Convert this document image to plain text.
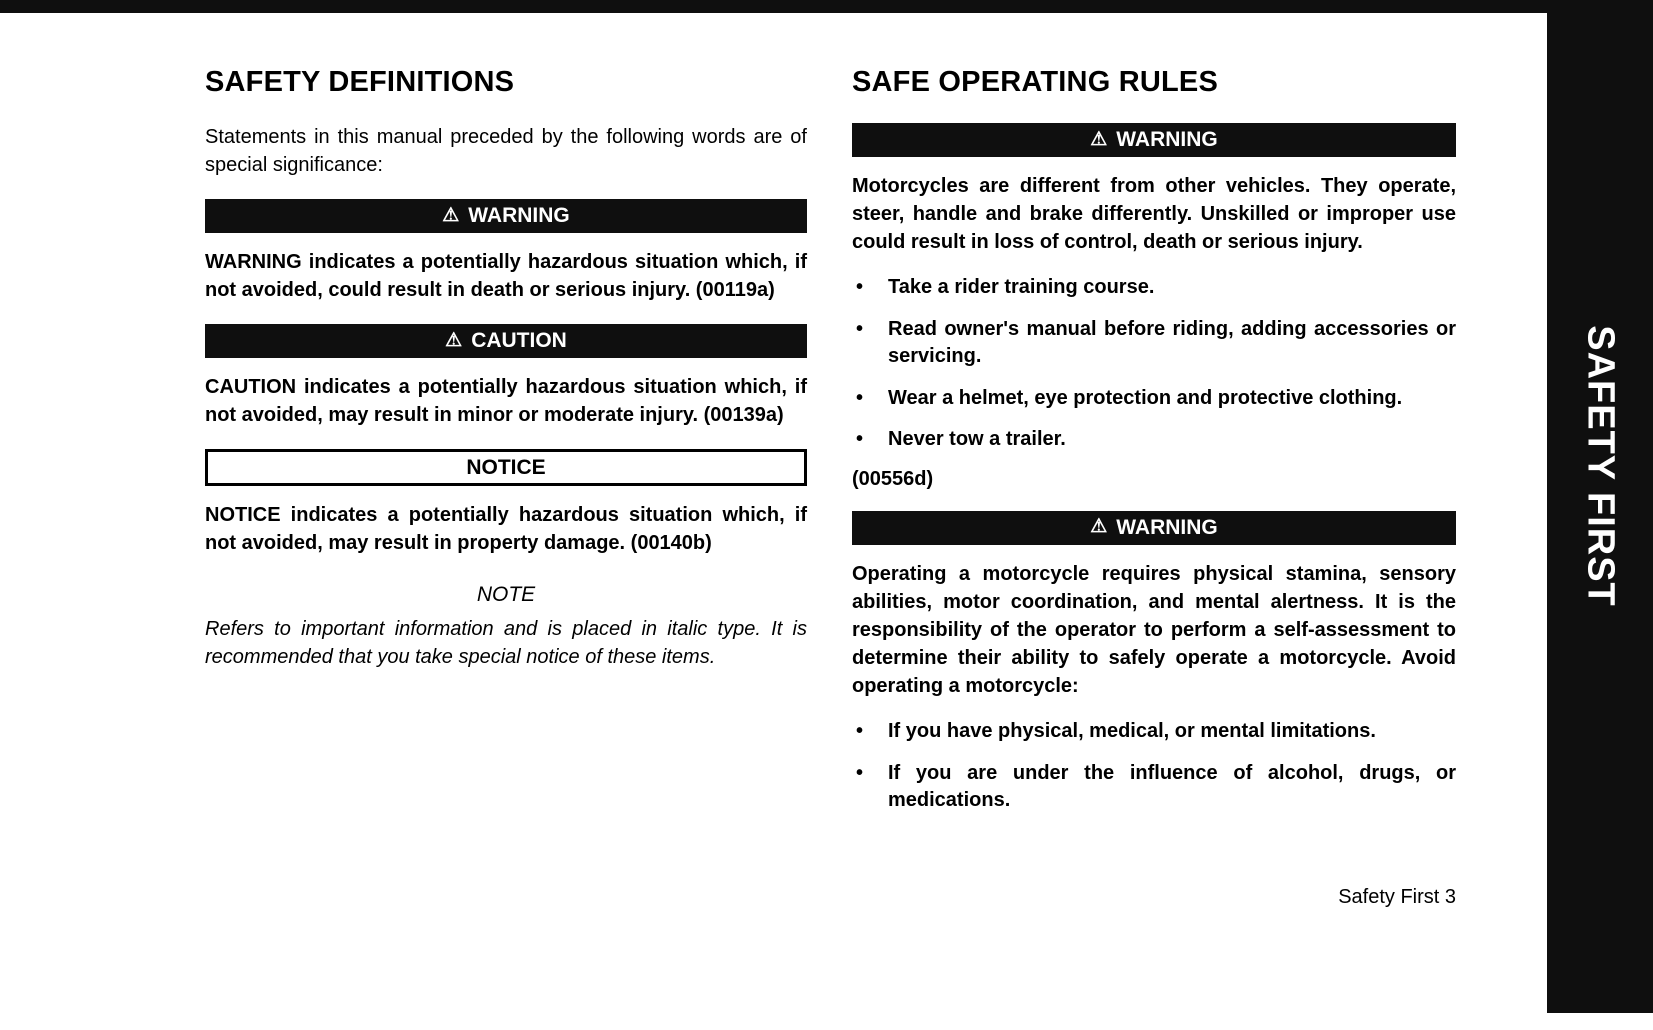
SAFETY FIRST
SAFETY DEFINITIONS

Statements in this manual preceded by the following words are of special significance:

⚠ WARNING

WARNING indicates a potentially hazardous situation which, if not avoided, could result in death or serious injury. (00119a)

⚠ CAUTION

CAUTION indicates a potentially hazardous situation which, if not avoided, may result in minor or moderate injury. (00139a)

NOTICE

NOTICE indicates a potentially hazardous situation which, if not avoided, may result in property damage. (00140b)

NOTE

Refers to important information and is placed in italic type. It is recommended that you take special notice of these items.

SAFE OPERATING RULES
⚠ WARNING

Motorcycles are different from other vehicles. They operate, steer, handle and brake differently. Unskilled or improper use could result in loss of control, death or serious injury.

• Take a rider training course.
• Read owner's manual before riding, adding accessories or servicing.
• Wear a helmet, eye protection and protective clothing.
• Never tow a trailer.
(00556d)
⚠ WARNING

Operating a motorcycle requires physical stamina, sensory abilities, motor coordination, and mental alertness. It is the responsibility of the operator to perform a self-assessment to determine their ability to safely operate a motorcycle. Avoid operating a motorcycle:

• If you have physical, medical, or mental limitations.
• If you are under the influence of alcohol, drugs, or medications.
Safety First 3
